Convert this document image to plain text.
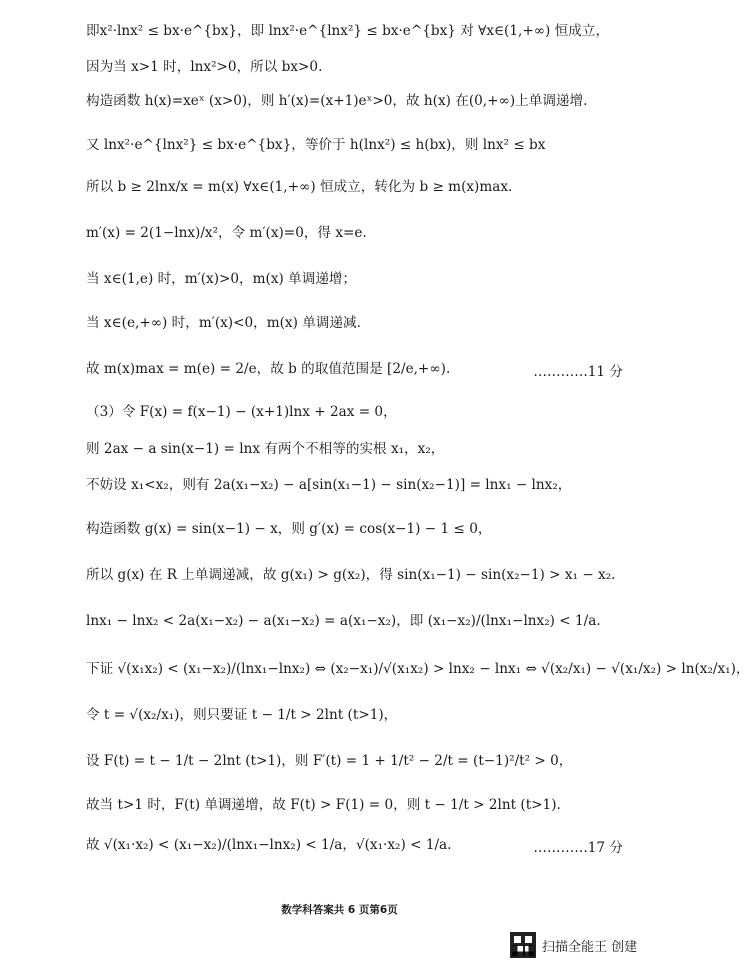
即x²·lnx² ≤ bx·e^{bx}，即 lnx²·e^{lnx²} ≤ bx·e^{bx} 对 ∀x∈(1,+∞) 恒成立，
因为当 x>1 时，lnx²>0，所以 bx>0.
构造函数 h(x)=xeˣ (x>0)，则 h′(x)=(x+1)eˣ>0，故 h(x) 在(0,+∞)上单调递增.
又 lnx²·e^{lnx²} ≤ bx·e^{bx}，等价于 h(lnx²) ≤ h(bx)，则 lnx² ≤ bx
所以 b ≥ 2lnx/x = m(x) ∀x∈(1,+∞) 恒成立，转化为 b ≥ m(x)max.
m′(x) = 2(1−lnx)/x²，令 m′(x)=0，得 x=e.
当 x∈(1,e) 时，m′(x)>0，m(x) 单调递增；
当 x∈(e,+∞) 时，m′(x)<0，m(x) 单调递减.
故 m(x)max = m(e) = 2/e，故 b 的取值范围是 [2/e,+∞).	…………11 分
（3）令 F(x) = f(x−1) − (x+1)lnx + 2ax = 0，
则 2ax − a sin(x−1) = lnx 有两个不相等的实根 x₁，x₂，
不妨设 x₁<x₂，则有 2a(x₁−x₂) − a[sin(x₁−1) − sin(x₂−1)] = lnx₁ − lnx₂，
构造函数 g(x) = sin(x−1) − x，则 g′(x) = cos(x−1) − 1 ≤ 0，
所以 g(x) 在 R 上单调递减，故 g(x₁) > g(x₂)，得 sin(x₁−1) − sin(x₂−1) > x₁ − x₂.
lnx₁ − lnx₂ < 2a(x₁−x₂) − a(x₁−x₂) = a(x₁−x₂)，即 (x₁−x₂)/(lnx₁−lnx₂) < 1/a.
下证 √(x₁x₂) < (x₁−x₂)/(lnx₁−lnx₂) ⇔ (x₂−x₁)/√(x₁x₂) > lnx₂ − lnx₁ ⇔ √(x₂/x₁) − √(x₁/x₂) > ln(x₂/x₁)，
令 t = √(x₂/x₁)，则只要证 t − 1/t > 2lnt (t>1)，
设 F(t) = t − 1/t − 2lnt (t>1)，则 F′(t) = 1 + 1/t² − 2/t = (t−1)²/t² > 0，
故当 t>1 时，F(t) 单调递增，故 F(t) > F(1) = 0，则 t − 1/t > 2lnt (t>1).
故 √(x₁·x₂) < (x₁−x₂)/(lnx₁−lnx₂) < 1/a，√(x₁·x₂) < 1/a.	…………17 分
数学科答案共 6 页第6页
扫描全能王 创建
